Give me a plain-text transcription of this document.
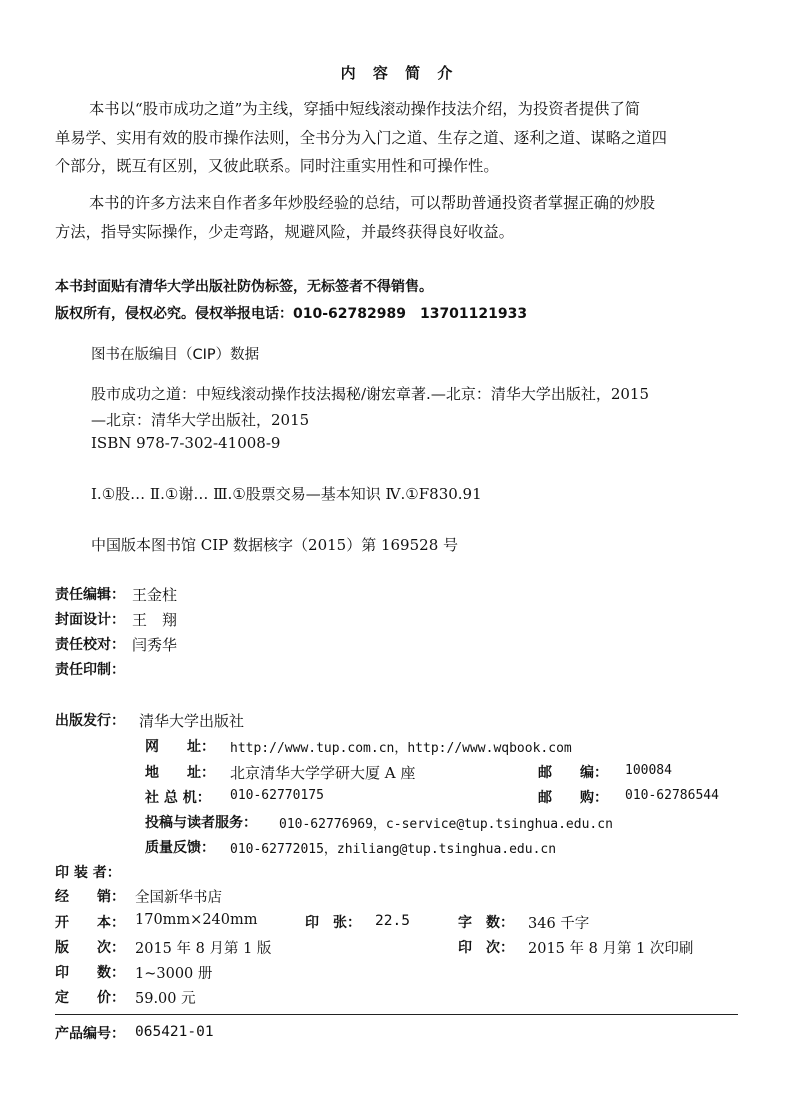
内 容 简 介

本书以“股市成功之道”为主线，穿插中短线滚动操作技法介绍，为投资者提供了简
单易学、实用有效的股市操作法则，全书分为入门之道、生存之道、逐利之道、谋略之道四
个部分，既互有区别，又彼此联系。同时注重实用性和可操作性。

本书的许多方法来自作者多年炒股经验的总结，可以帮助普通投资者掌握正确的炒股
方法，指导实际操作，少走弯路，规避风险，并最终获得良好收益。

本书封面贴有清华大学出版社防伪标签，无标签者不得销售。
版权所有，侵权必究。侵权举报电话：010-62782989　13701121933
图书在版编目（CIP）数据
股市成功之道：中短线滚动操作技法揭秘/谢宏章著.—北京：清华大学出版社，2015
—北京：清华大学出版社，2015
ISBN 978-7-302-41008-9
Ⅰ.①股… Ⅱ.①谢… Ⅲ.①股票交易—基本知识 Ⅳ.①F830.91
中国版本图书馆 CIP 数据核字（2015）第 169528 号
责任编辑： 王金柱
封面设计： 王　翔
责任校对： 闫秀华
责任印制：
出版发行： 清华大学出版社
网　　址： http://www.tup.com.cn，http://www.wqbook.com
地　　址： 北京清华大学学研大厦 A 座	邮　　编： 100084
社 总 机： 010-62770175	邮　　购： 010-62786544
投稿与读者服务： 010-62776969，c-service@tup.tsinghua.edu.cn
质量反馈： 010-62772015，zhiliang@tup.tsinghua.edu.cn
印 装 者：
经　　销： 全国新华书店
开　　本： 170mm×240mm	印　张： 22.5	字　数： 346 千字
版　　次： 2015 年 8 月第 1 版	印　次： 2015 年 8 月第 1 次印刷
印　　数： 1~3000 册
定　　价： 59.00 元
产品编号： 065421-01
